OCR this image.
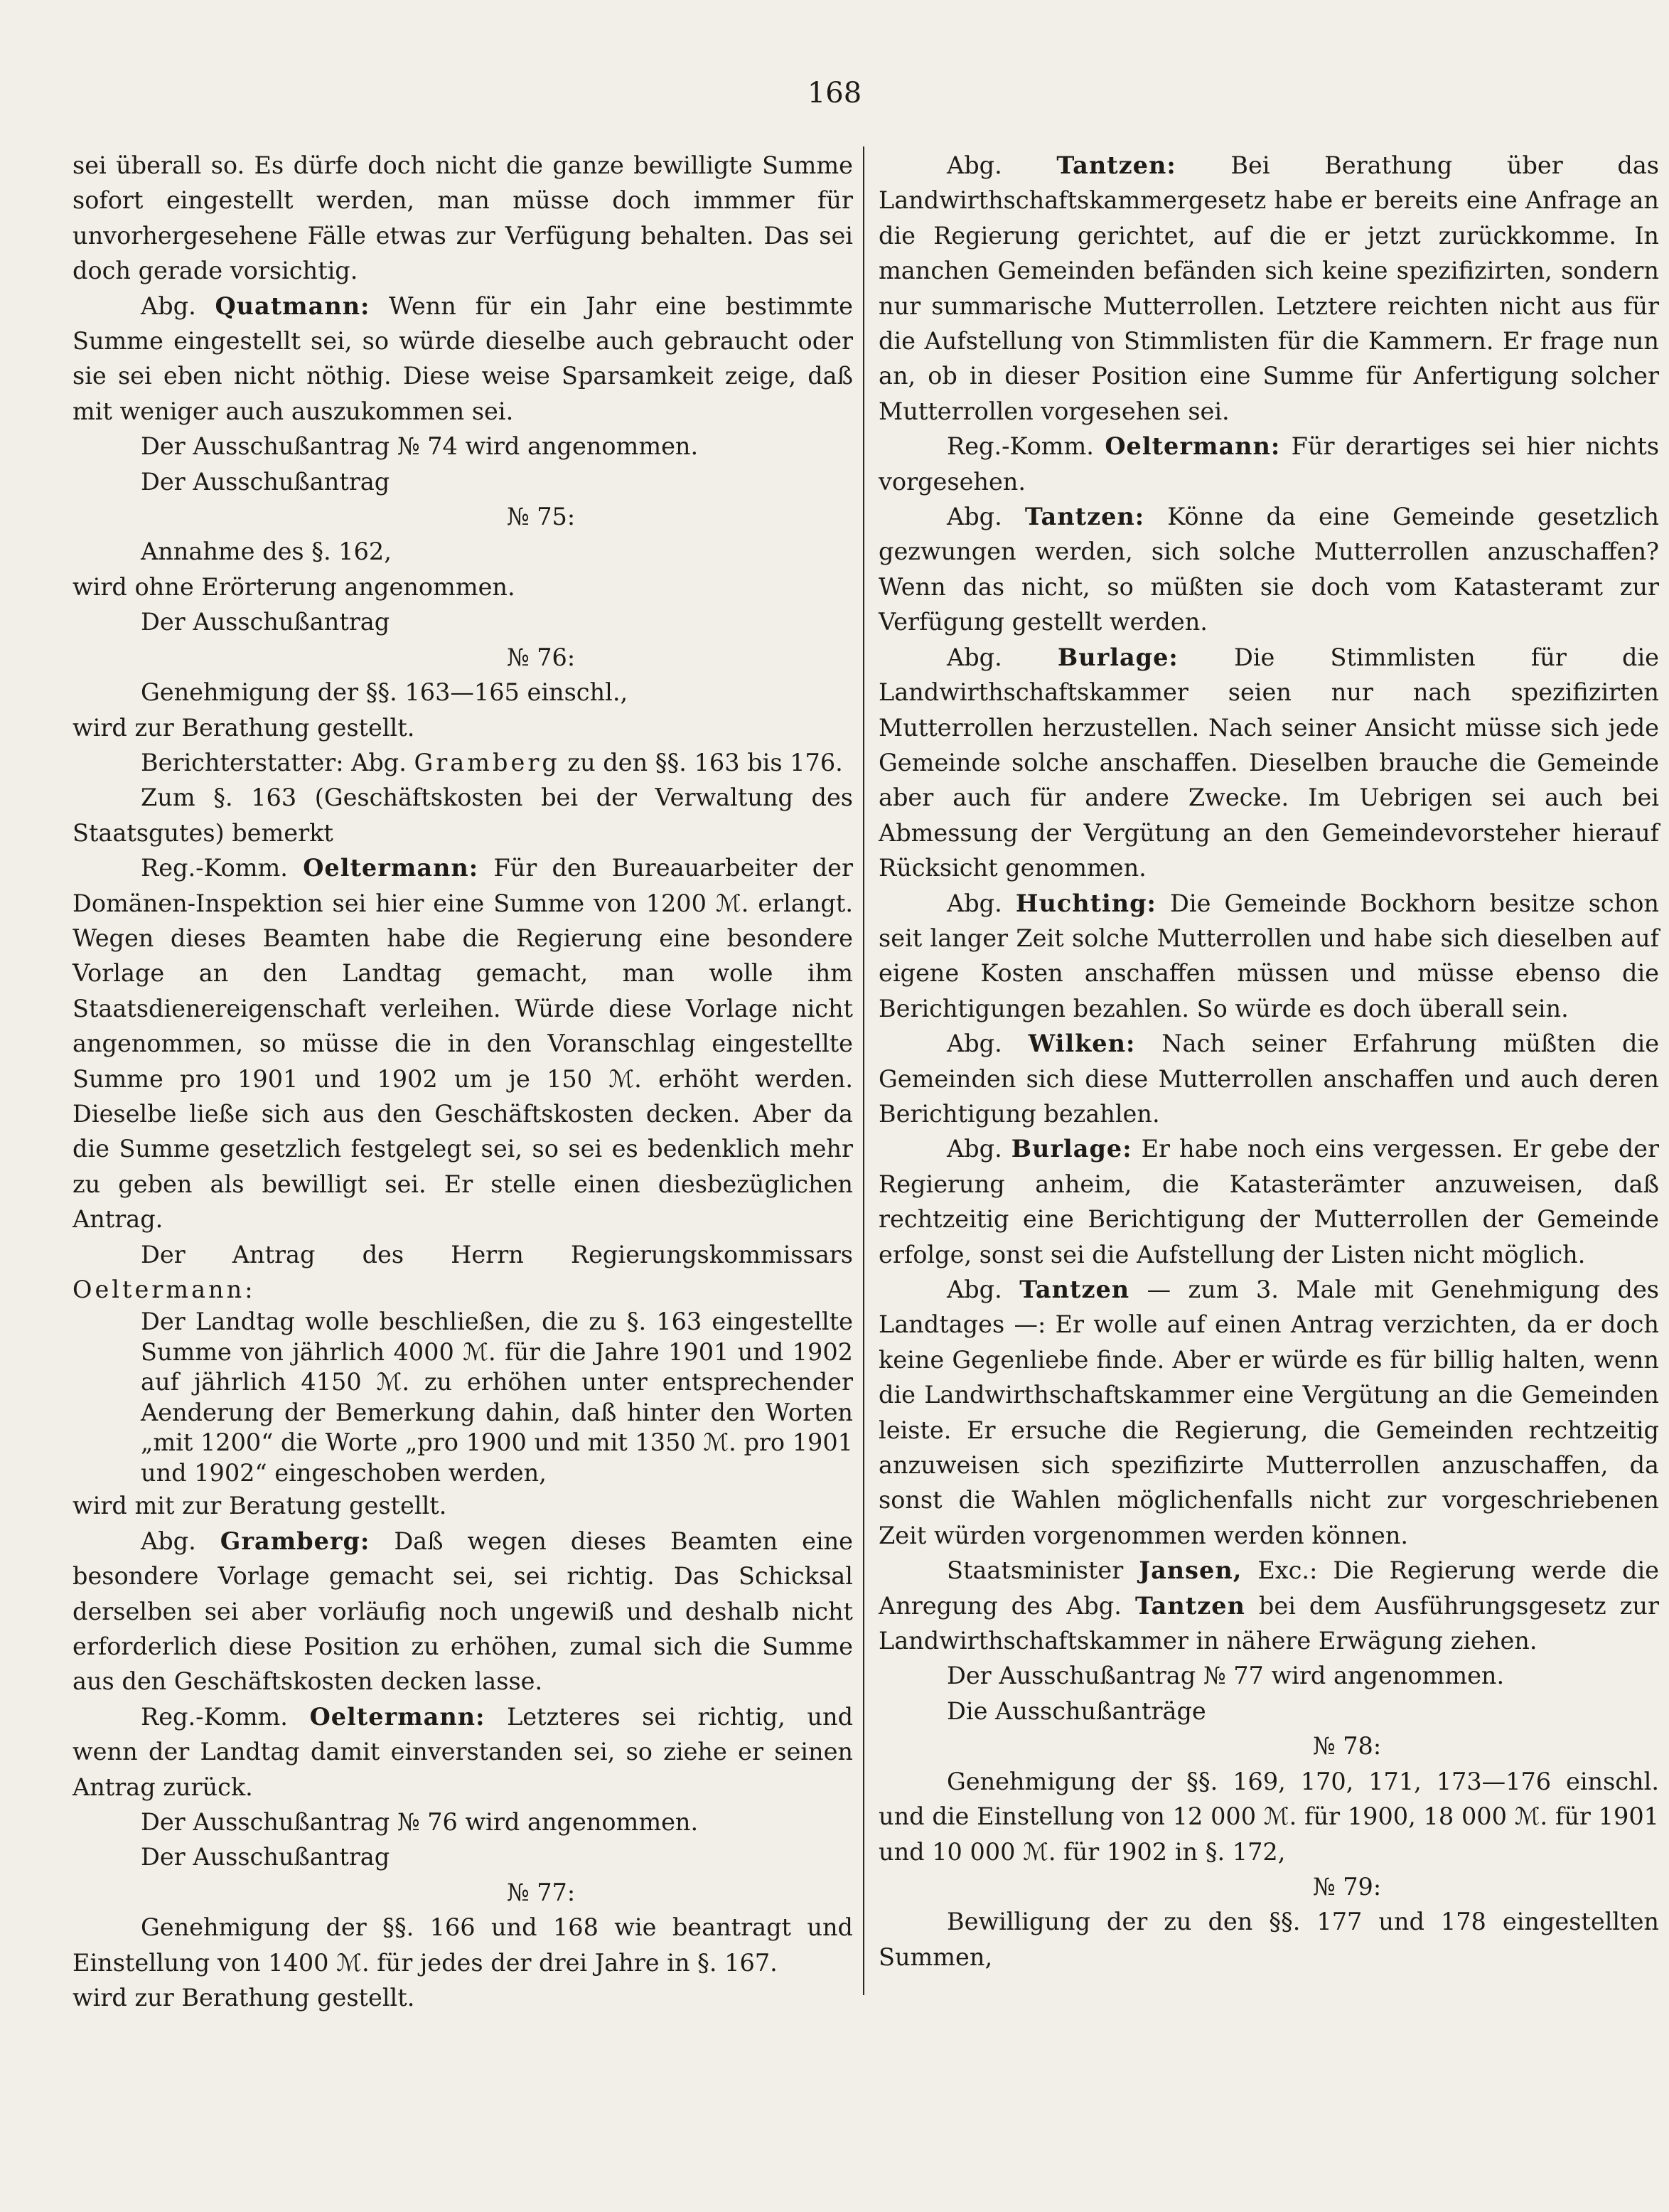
168

sei überall so. Es dürfe doch nicht die ganze bewilligte Summe sofort eingestellt werden, man müsse doch immmer für unvorhergesehene Fälle etwas zur Verfügung behalten. Das sei doch gerade vorsichtig.

Abg. Quatmann: Wenn für ein Jahr eine bestimmte Summe eingestellt sei, so würde dieselbe auch gebraucht oder sie sei eben nicht nöthig. Diese weise Sparsamkeit zeige, daß mit weniger auch auszukommen sei.

Der Ausschußantrag № 74 wird angenommen.

Der Ausschußantrag

№ 75:

Annahme des §. 162,

wird ohne Erörterung angenommen.

Der Ausschußantrag

№ 76:

Genehmigung der §§. 163—165 einschl.,

wird zur Berathung gestellt.

Berichterstatter: Abg. Gramberg zu den §§. 163 bis 176.

Zum §. 163 (Geschäftskosten bei der Verwaltung des Staatsgutes) bemerkt

Reg.-Komm. Oeltermann: Für den Bureauarbeiter der Domänen-Inspektion sei hier eine Summe von 1200 ℳ. erlangt. Wegen dieses Beamten habe die Regierung eine besondere Vorlage an den Landtag gemacht, man wolle ihm Staatsdienereigenschaft verleihen. Würde diese Vorlage nicht angenommen, so müsse die in den Voranschlag eingestellte Summe pro 1901 und 1902 um je 150 ℳ. erhöht werden. Dieselbe ließe sich aus den Geschäftskosten decken. Aber da die Summe gesetzlich festgelegt sei, so sei es bedenklich mehr zu geben als bewilligt sei. Er stelle einen diesbezüglichen Antrag.

Der Antrag des Herrn Regierungskommissars Oeltermann:

Der Landtag wolle beschließen, die zu §. 163 eingestellte Summe von jährlich 4000 ℳ. für die Jahre 1901 und 1902 auf jährlich 4150 ℳ. zu erhöhen unter entsprechender Aenderung der Bemerkung dahin, daß hinter den Worten „mit 1200“ die Worte „pro 1900 und mit 1350 ℳ. pro 1901 und 1902“ eingeschoben werden,

wird mit zur Beratung gestellt.

Abg. Gramberg: Daß wegen dieses Beamten eine besondere Vorlage gemacht sei, sei richtig. Das Schicksal derselben sei aber vorläufig noch ungewiß und deshalb nicht erforderlich diese Position zu erhöhen, zumal sich die Summe aus den Geschäftskosten decken lasse.

Reg.-Komm. Oeltermann: Letzteres sei richtig, und wenn der Landtag damit einverstanden sei, so ziehe er seinen Antrag zurück.

Der Ausschußantrag № 76 wird angenommen.

Der Ausschußantrag

№ 77:

Genehmigung der §§. 166 und 168 wie beantragt und Einstellung von 1400 ℳ. für jedes der drei Jahre in §. 167.

wird zur Berathung gestellt.

Abg. Tantzen: Bei Berathung über das Landwirthschaftskammergesetz habe er bereits eine Anfrage an die Regierung gerichtet, auf die er jetzt zurückkomme. In manchen Gemeinden befänden sich keine spezifizirten, sondern nur summarische Mutterrollen. Letztere reichten nicht aus für die Aufstellung von Stimmlisten für die Kammern. Er frage nun an, ob in dieser Position eine Summe für Anfertigung solcher Mutterrollen vorgesehen sei.

Reg.-Komm. Oeltermann: Für derartiges sei hier nichts vorgesehen.

Abg. Tantzen: Könne da eine Gemeinde gesetzlich gezwungen werden, sich solche Mutterrollen anzuschaffen? Wenn das nicht, so müßten sie doch vom Katasteramt zur Verfügung gestellt werden.

Abg. Burlage: Die Stimmlisten für die Landwirthschaftskammer seien nur nach spezifizirten Mutterrollen herzustellen. Nach seiner Ansicht müsse sich jede Gemeinde solche anschaffen. Dieselben brauche die Gemeinde aber auch für andere Zwecke. Im Uebrigen sei auch bei Abmessung der Vergütung an den Gemeindevorsteher hierauf Rücksicht genommen.

Abg. Huchting: Die Gemeinde Bockhorn besitze schon seit langer Zeit solche Mutterrollen und habe sich dieselben auf eigene Kosten anschaffen müssen und müsse ebenso die Berichtigungen bezahlen. So würde es doch überall sein.

Abg. Wilken: Nach seiner Erfahrung müßten die Gemeinden sich diese Mutterrollen anschaffen und auch deren Berichtigung bezahlen.

Abg. Burlage: Er habe noch eins vergessen. Er gebe der Regierung anheim, die Katasterämter anzuweisen, daß rechtzeitig eine Berichtigung der Mutterrollen der Gemeinde erfolge, sonst sei die Aufstellung der Listen nicht möglich.

Abg. Tantzen — zum 3. Male mit Genehmigung des Landtages —: Er wolle auf einen Antrag verzichten, da er doch keine Gegenliebe finde. Aber er würde es für billig halten, wenn die Landwirthschaftskammer eine Vergütung an die Gemeinden leiste. Er ersuche die Regierung, die Gemeinden rechtzeitig anzuweisen sich spezifizirte Mutterrollen anzuschaffen, da sonst die Wahlen möglichenfalls nicht zur vorgeschriebenen Zeit würden vorgenommen werden können.

Staatsminister Jansen, Exc.: Die Regierung werde die Anregung des Abg. Tantzen bei dem Ausführungsgesetz zur Landwirthschaftskammer in nähere Erwägung ziehen.

Der Ausschußantrag № 77 wird angenommen.

Die Ausschußanträge

№ 78:

Genehmigung der §§. 169, 170, 171, 173—176 einschl. und die Einstellung von 12 000 ℳ. für 1900, 18 000 ℳ. für 1901 und 10 000 ℳ. für 1902 in §. 172,

№ 79:

Bewilligung der zu den §§. 177 und 178 eingestellten Summen,
